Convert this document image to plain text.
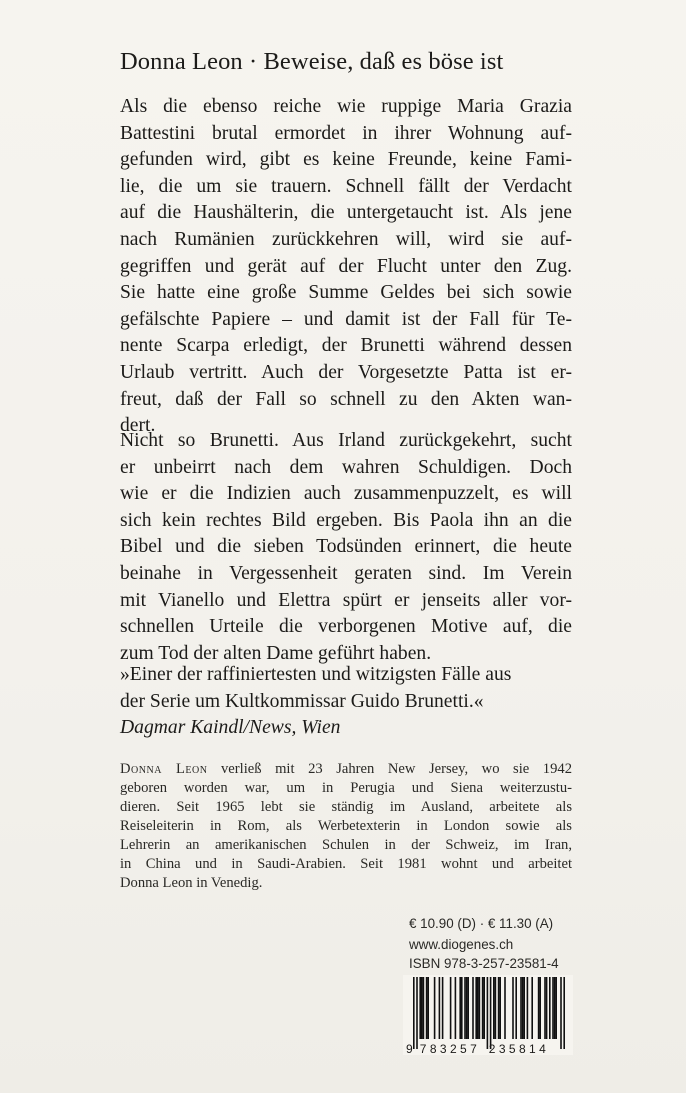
Donna Leon · Beweise, daß es böse ist
Als die ebenso reiche wie ruppige Maria Grazia
Battestini brutal ermordet in ihrer Wohnung auf-
gefunden wird, gibt es keine Freunde, keine Fami-
lie, die um sie trauern. Schnell fällt der Verdacht
auf die Haushälterin, die untergetaucht ist. Als jene
nach Rumänien zurückkehren will, wird sie auf-
gegriffen und gerät auf der Flucht unter den Zug.
Sie hatte eine große Summe Geldes bei sich sowie
gefälschte Papiere – und damit ist der Fall für Te-
nente Scarpa erledigt, der Brunetti während dessen
Urlaub vertritt. Auch der Vorgesetzte Patta ist er-
freut, daß der Fall so schnell zu den Akten wan-
dert.
Nicht so Brunetti. Aus Irland zurückgekehrt, sucht
er unbeirrt nach dem wahren Schuldigen. Doch
wie er die Indizien auch zusammenpuzzelt, es will
sich kein rechtes Bild ergeben. Bis Paola ihn an die
Bibel und die sieben Todsünden erinnert, die heute
beinahe in Vergessenheit geraten sind. Im Verein
mit Vianello und Elettra spürt er jenseits aller vor-
schnellen Urteile die verborgenen Motive auf, die
zum Tod der alten Dame geführt haben.
»Einer der raffiniertesten und witzigsten Fälle aus
der Serie um Kultkommissar Guido Brunetti.«
Dagmar Kaindl/News, Wien
Donna Leon verließ mit 23 Jahren New Jersey, wo sie 1942
geboren worden war, um in Perugia und Siena weiterzustu-
dieren. Seit 1965 lebt sie ständig im Ausland, arbeitete als
Reiseleiterin in Rom, als Werbetexterin in London sowie als
Lehrerin an amerikanischen Schulen in der Schweiz, im Iran,
in China und in Saudi-Arabien. Seit 1981 wohnt und arbeitet
Donna Leon in Venedig.
€ 10.90 (D) · € 11.30 (A)
www.diogenes.ch
ISBN 978-3-257-23581-4
9 783257 235814
